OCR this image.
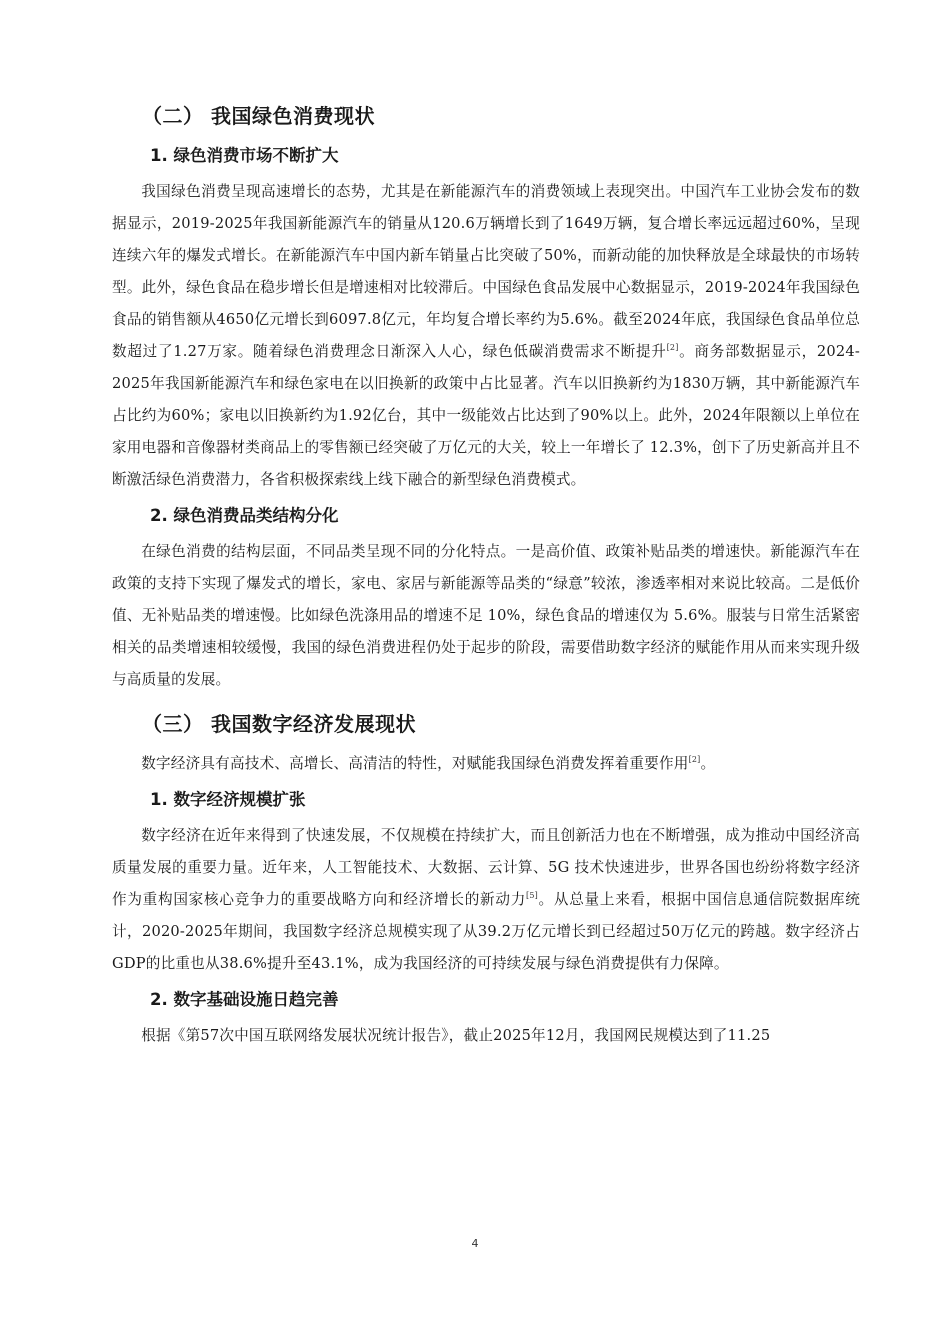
（二） 我国绿色消费现状
1. 绿色消费市场不断扩大

我国绿色消费呈现高速增长的态势，尤其是在新能源汽车的消费领域上表现突出。中国汽车工业协会发布的数据显示，2019-2025年我国新能源汽车的销量从120.6万辆增长到了1649万辆，复合增长率远远超过60%，呈现连续六年的爆发式增长。在新能源汽车中国内新车销量占比突破了50%，而新动能的加快释放是全球最快的市场转型。此外，绿色食品在稳步增长但是增速相对比较滞后。中国绿色食品发展中心数据显示，2019-2024年我国绿色食品的销售额从4650亿元增长到6097.8亿元，年均复合增长率约为5.6%。截至2024年底，我国绿色食品单位总数超过了1.27万家。随着绿色消费理念日渐深入人心，绿色低碳消费需求不断提升[2]。商务部数据显示，2024-2025年我国新能源汽车和绿色家电在以旧换新的政策中占比显著。汽车以旧换新约为1830万辆，其中新能源汽车占比约为60%；家电以旧换新约为1.92亿台，其中一级能效占比达到了90%以上。此外，2024年限额以上单位在家用电器和音像器材类商品上的零售额已经突破了万亿元的大关，较上一年增长了 12.3%，创下了历史新高并且不断激活绿色消费潜力，各省积极探索线上线下融合的新型绿色消费模式。

2. 绿色消费品类结构分化

在绿色消费的结构层面，不同品类呈现不同的分化特点。一是高价值、政策补贴品类的增速快。新能源汽车在政策的支持下实现了爆发式的增长，家电、家居与新能源等品类的“绿意”较浓，渗透率相对来说比较高。二是低价值、无补贴品类的增速慢。比如绿色洗涤用品的增速不足 10%，绿色食品的增速仅为 5.6%。服装与日常生活紧密相关的品类增速相较缓慢，我国的绿色消费进程仍处于起步的阶段，需要借助数字经济的赋能作用从而来实现升级与高质量的发展。

（三） 我国数字经济发展现状

数字经济具有高技术、高增长、高清洁的特性，对赋能我国绿色消费发挥着重要作用[2]。

1. 数字经济规模扩张

数字经济在近年来得到了快速发展，不仅规模在持续扩大，而且创新活力也在不断增强，成为推动中国经济高质量发展的重要力量。近年来，人工智能技术、大数据、云计算、5G 技术快速进步，世界各国也纷纷将数字经济作为重构国家核心竞争力的重要战略方向和经济增长的新动力[5]。从总量上来看，根据中国信息通信院数据库统计，2020-2025年期间，我国数字经济总规模实现了从39.2万亿元增长到已经超过50万亿元的跨越。数字经济占GDP的比重也从38.6%提升至43.1%，成为我国经济的可持续发展与绿色消费提供有力保障。

2. 数字基础设施日趋完善

根据《第57次中国互联网络发展状况统计报告》，截止2025年12月，我国网民规模达到了11.25

4
